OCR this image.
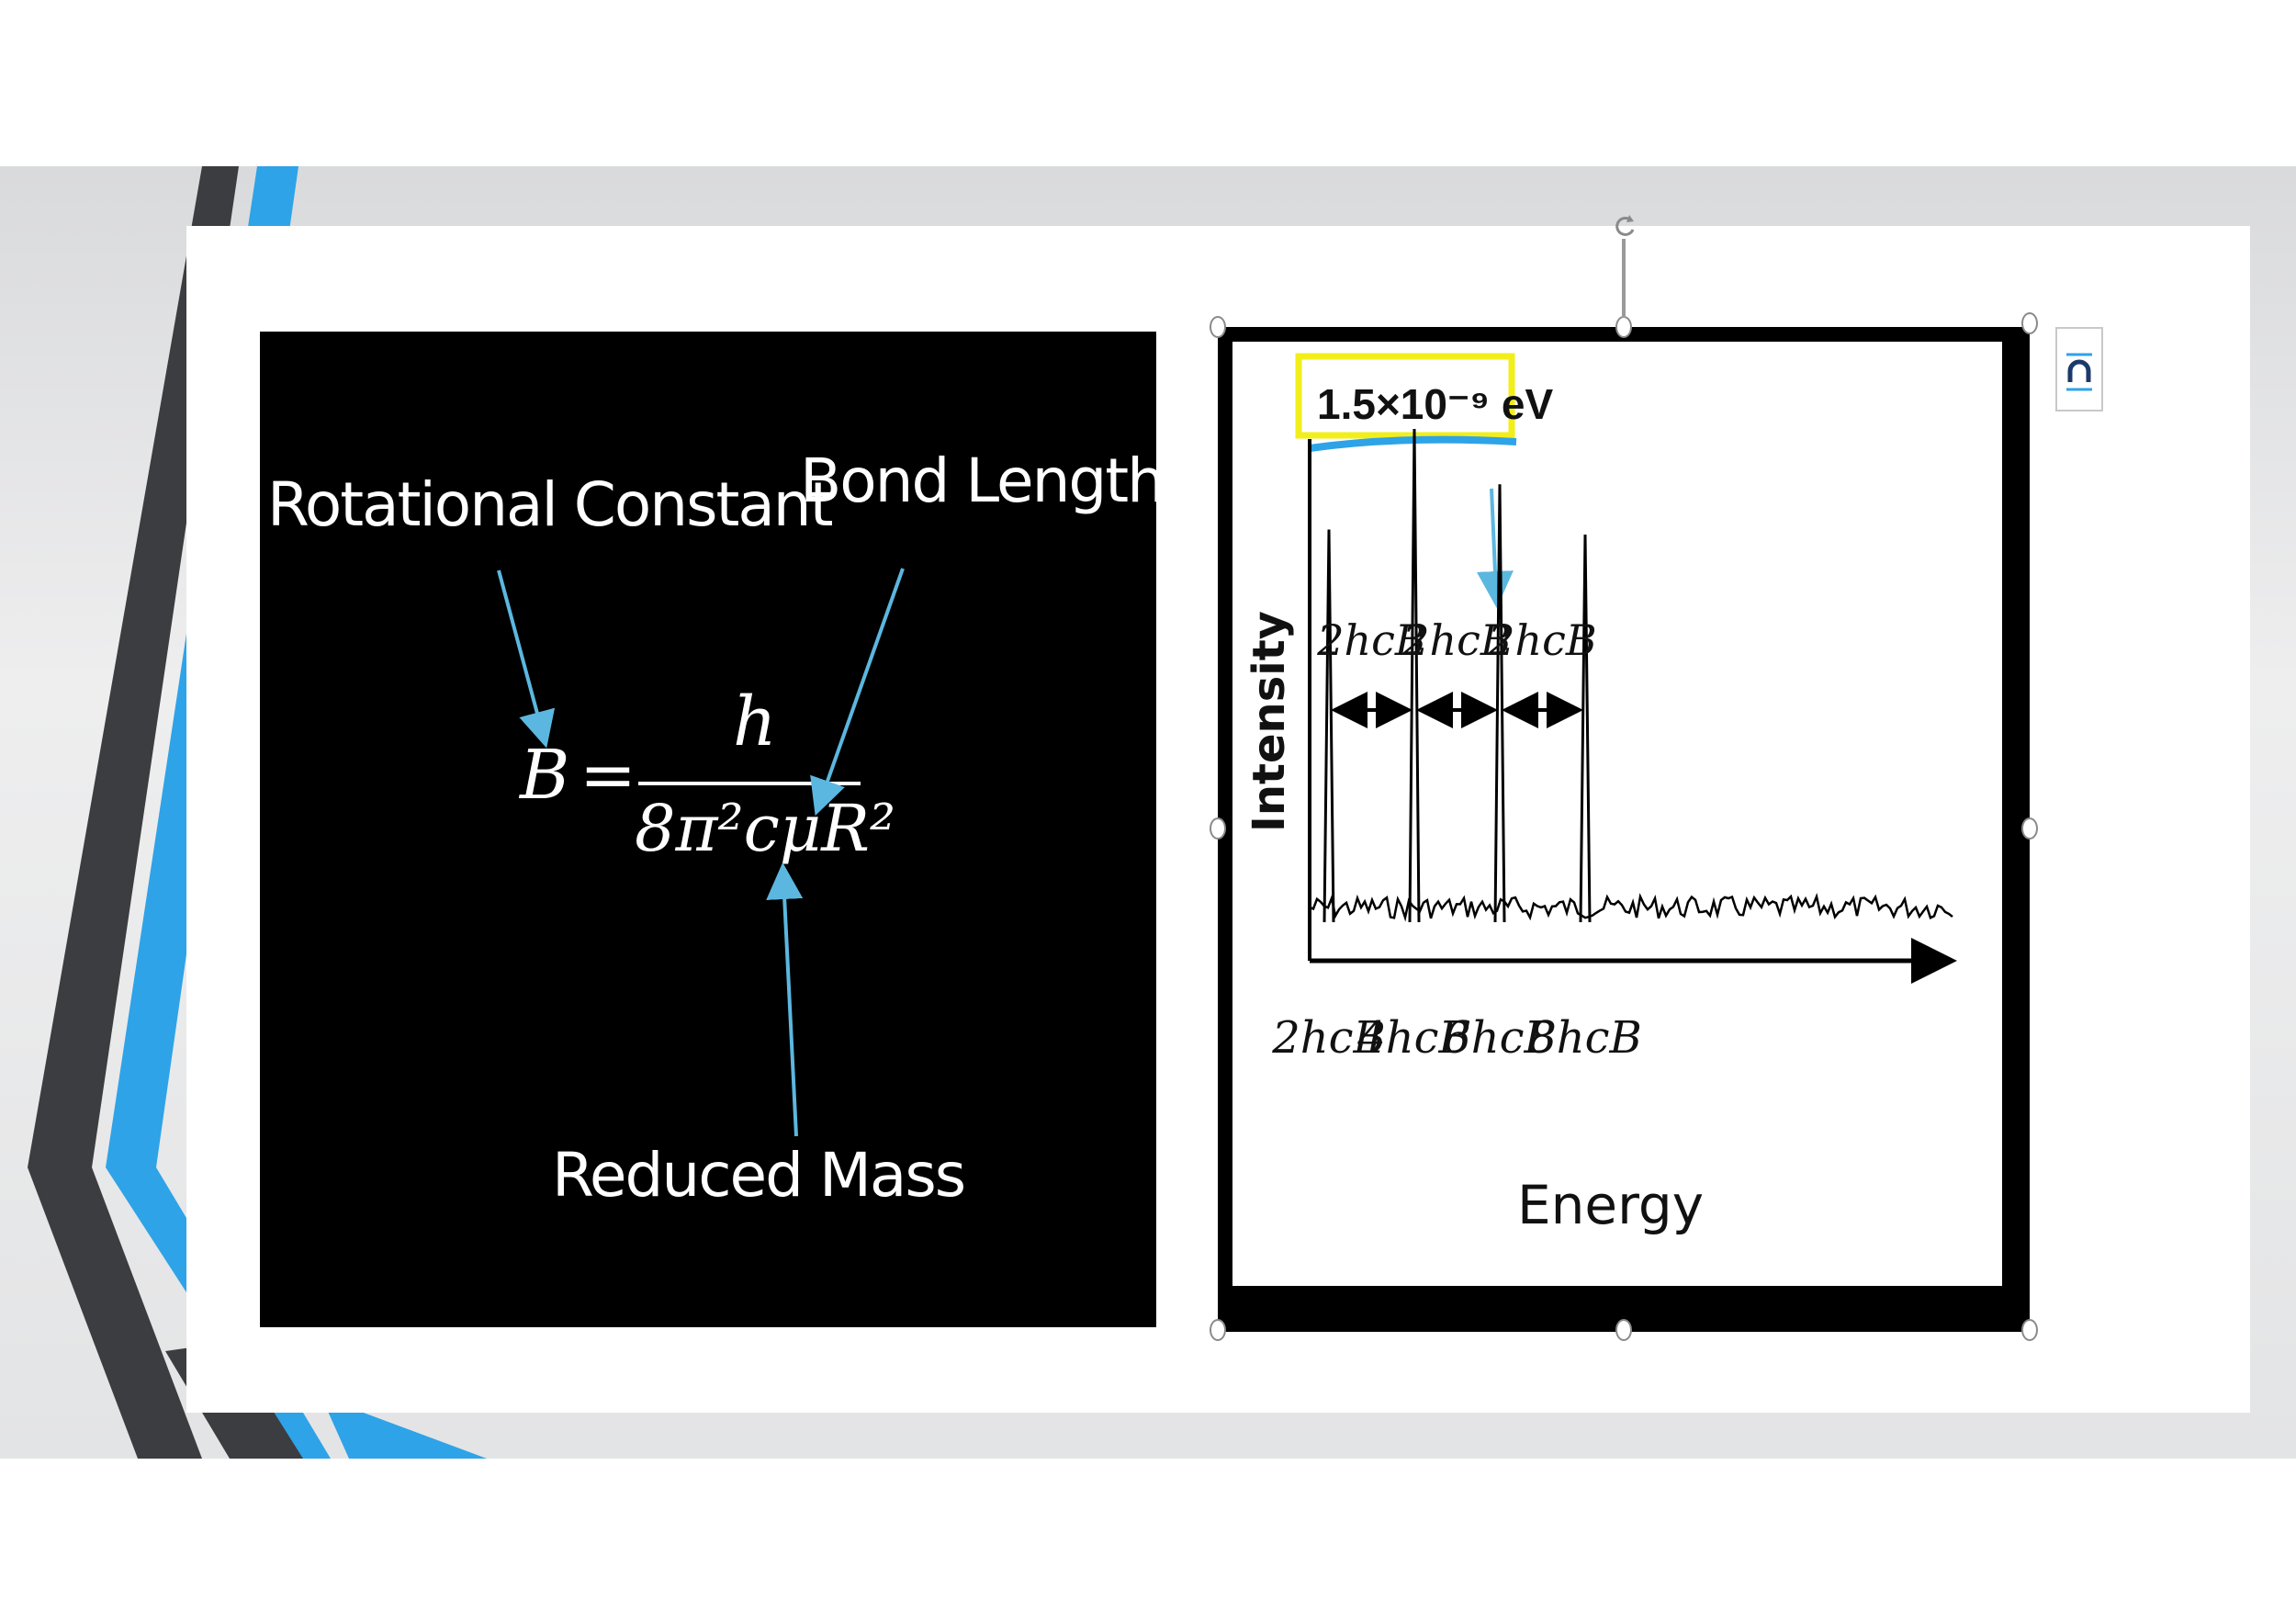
Rotational Constant
Bond Length!
Reduced Mass
B =
h
8π²cμR²
1.5×10⁻⁹ eV
Intensity
Energy
2hcB
2hcB
2hcB
2hcB
4hcB
6hcB
8hcB
